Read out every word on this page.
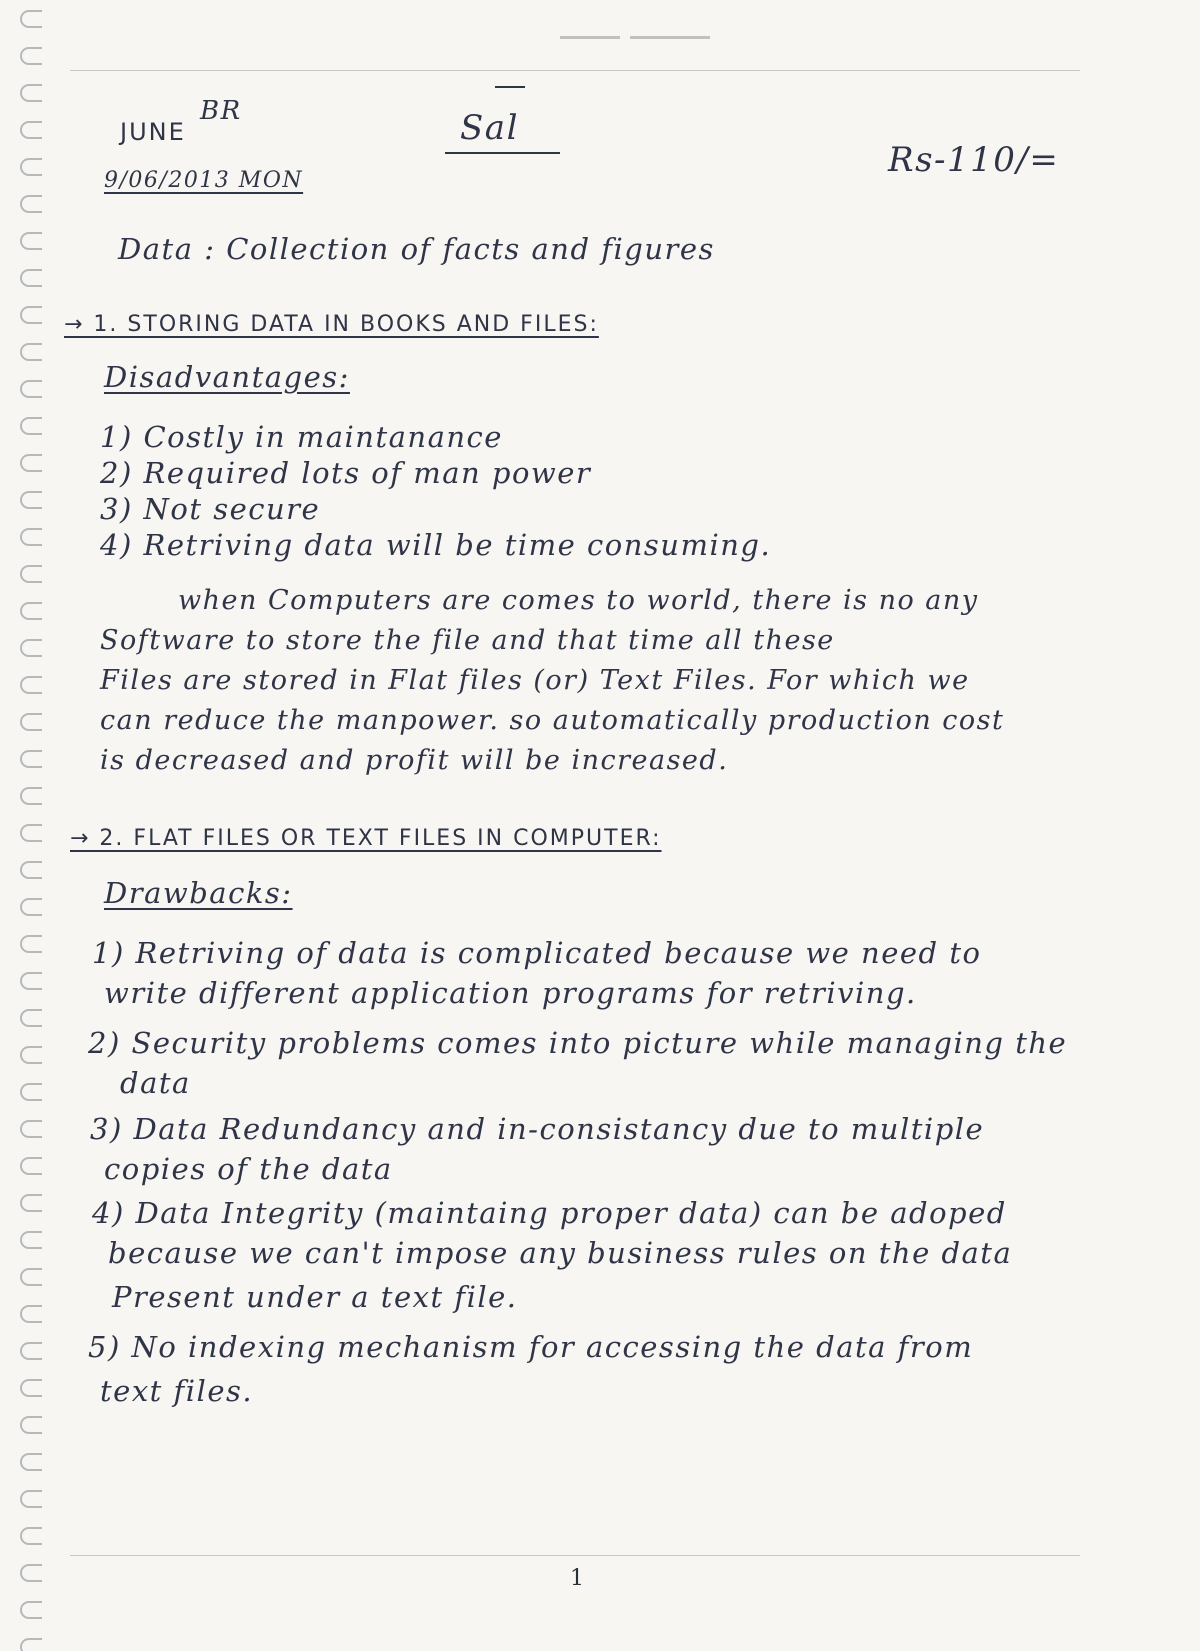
JUNE
BR
9/06/2013 MON
Sal
Rs-110/=
Data : Collection of facts and figures
→ 1. STORING DATA IN BOOKS AND FILES:
Disadvantages:
1) Costly in maintanance
2) Required lots of man power
3) Not secure
4) Retriving data will be time consuming.
when Computers are comes to world, there is no any
Software to store the file and that time all these
Files are stored in Flat files (or) Text Files. For which we
can reduce the manpower. so automatically production cost
is decreased and profit will be increased.
→ 2. FLAT FILES OR TEXT FILES IN COMPUTER:
Drawbacks:
1) Retriving of data is complicated because we need to
write different application programs for retriving.
2) Security problems comes into picture while managing the
data
3) Data Redundancy and in-consistancy due to multiple
copies of the data
4) Data Integrity (maintaing proper data) can be adoped
because we can't impose any business rules on the data
Present under a text file.
5) No indexing mechanism for accessing the data from
text files.
1
